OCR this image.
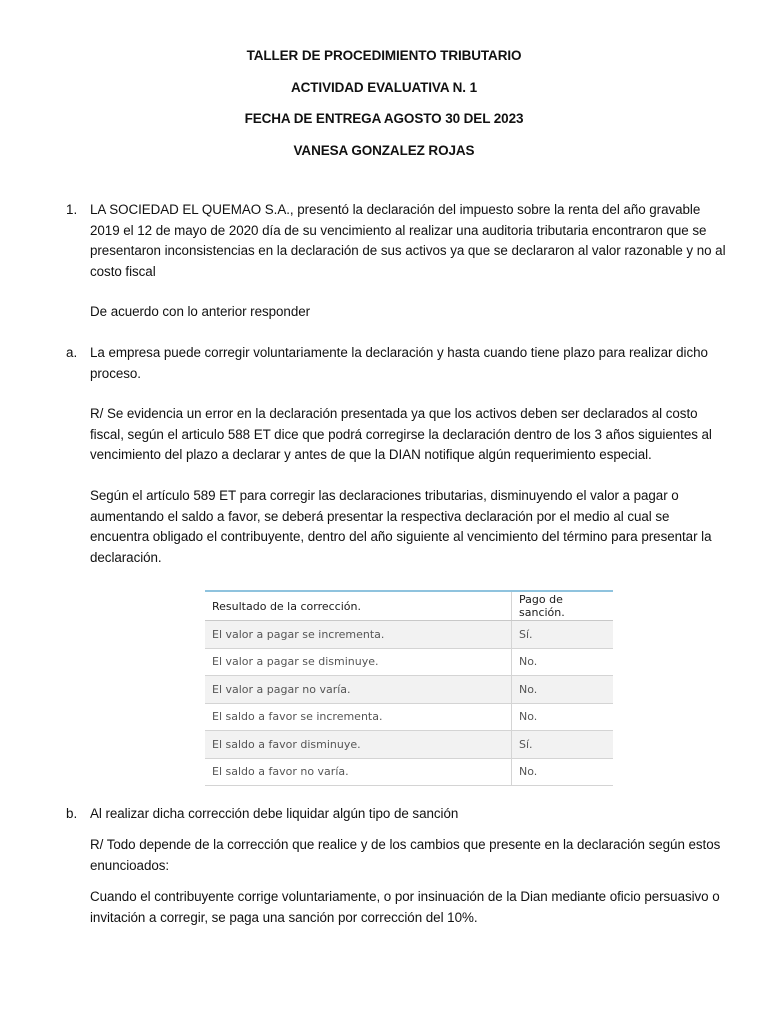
TALLER DE PROCEDIMIENTO TRIBUTARIO
ACTIVIDAD EVALUATIVA N. 1
FECHA DE ENTREGA AGOSTO 30 DEL 2023
VANESA GONZALEZ ROJAS
1. LA SOCIEDAD EL QUEMAO S.A., presentó la declaración del impuesto sobre la renta del año gravable 2019 el 12 de mayo de 2020 día de su vencimiento al realizar una auditoria tributaria encontraron que se presentaron inconsistencias en la declaración de sus activos ya que se declararon al valor razonable y no al costo fiscal
De acuerdo con lo anterior responder
a. La empresa puede corregir voluntariamente la declaración y hasta cuando tiene plazo para realizar dicho proceso.
R/ Se evidencia un error en la declaración presentada ya que los activos deben ser declarados al costo fiscal, según el articulo 588 ET dice que podrá corregirse la declaración dentro de los 3 años siguientes al vencimiento del plazo a declarar y antes de que la DIAN notifique algún requerimiento especial.
Según el artículo 589 ET para corregir las declaraciones tributarias, disminuyendo el valor a pagar o aumentando el saldo a favor, se deberá presentar la respectiva declaración por el medio al cual se encuentra obligado el contribuyente, dentro del año siguiente al vencimiento del término para presentar la declaración.
Resultado de la corrección.	Pago de sanción.
El valor a pagar se incrementa.	Sí.
El valor a pagar se disminuye.	No.
El valor a pagar no varía.	No.
El saldo a favor se incrementa.	No.
El saldo a favor disminuye.	Sí.
El saldo a favor no varía.	No.
b. Al realizar dicha corrección debe liquidar algún tipo de sanción
R/ Todo depende de la corrección que realice y de los cambios que presente en la declaración según estos enuncioados:
Cuando el contribuyente corrige voluntariamente, o por insinuación de la Dian mediante oficio persuasivo o invitación a corregir, se paga una sanción por corrección del 10%.
